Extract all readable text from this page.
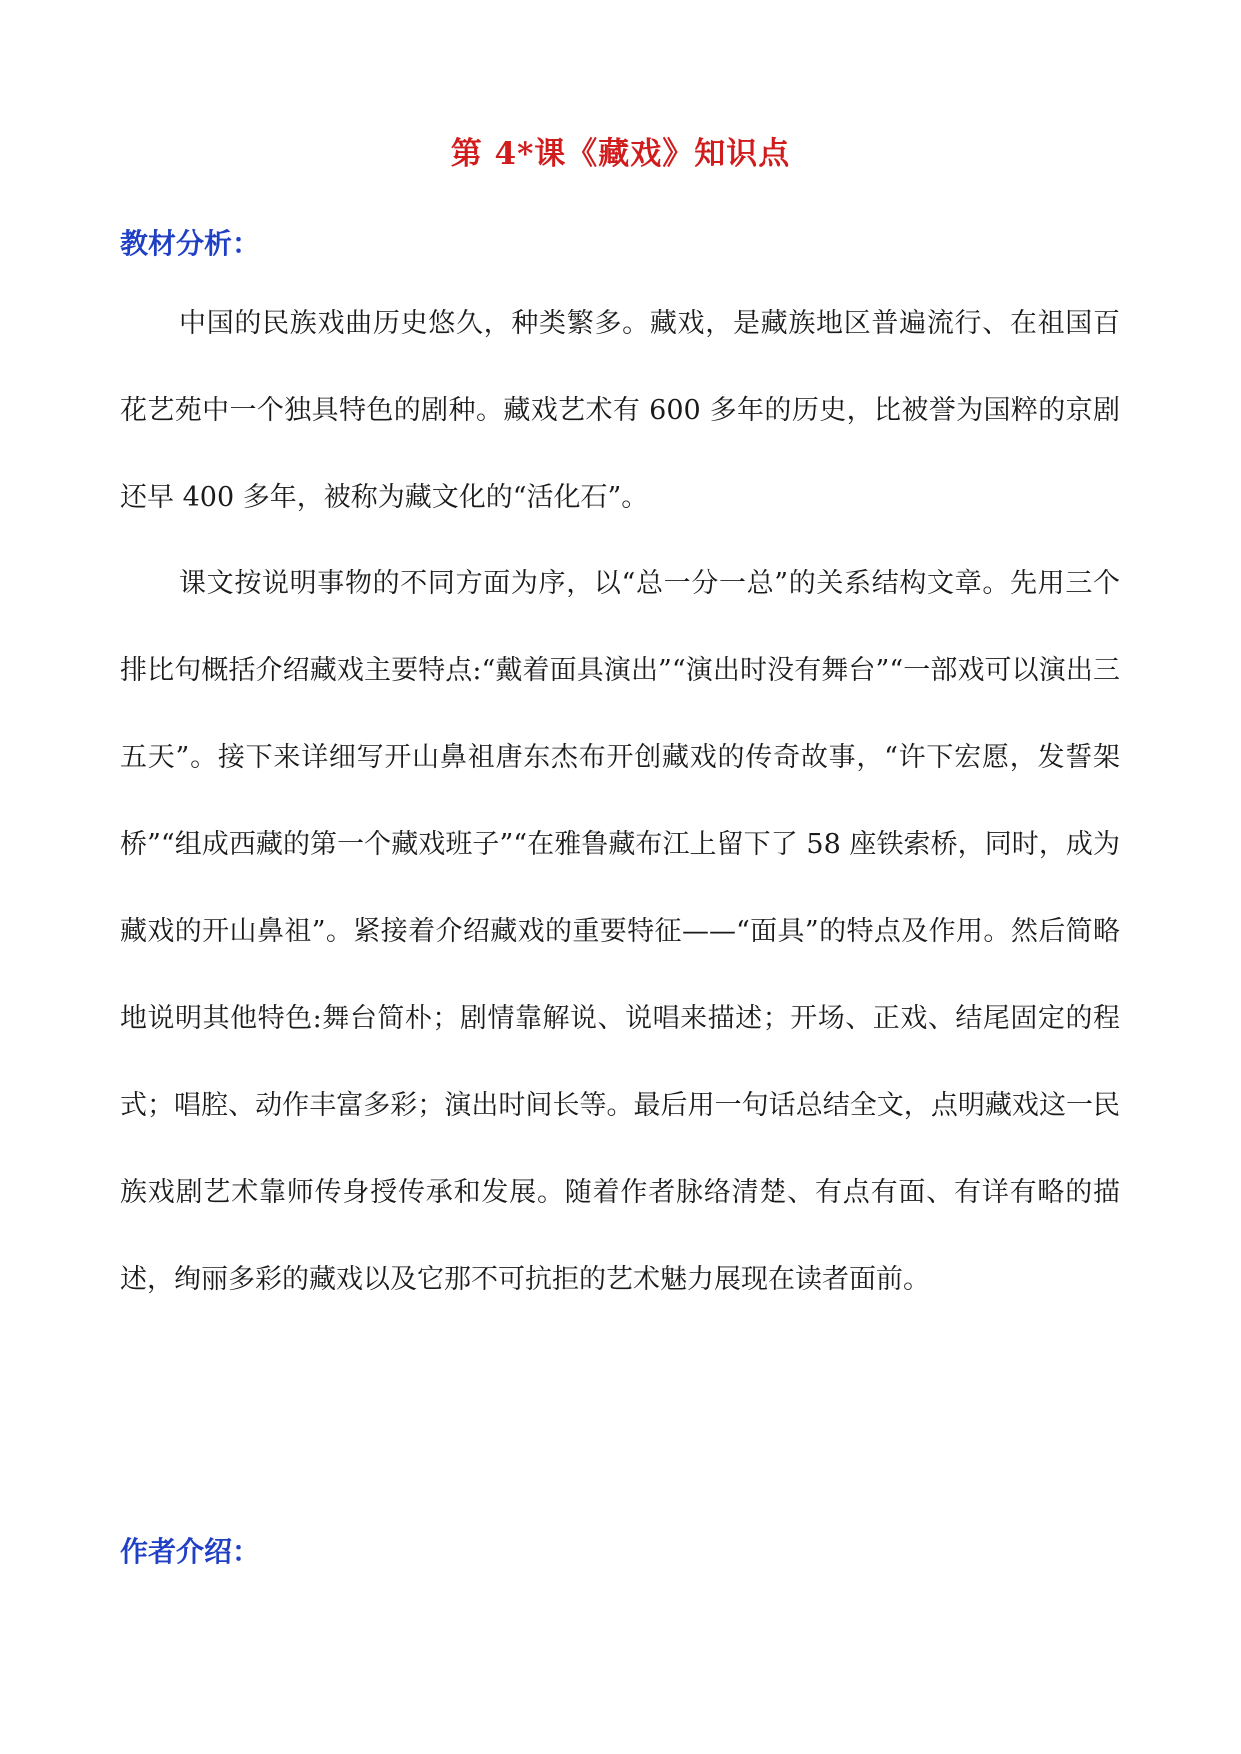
第 4*课《藏戏》知识点
教材分析：

中国的民族戏曲历史悠久，种类繁多。藏戏，是藏族地区普遍流行、在祖国百花艺苑中一个独具特色的剧种。藏戏艺术有 600 多年的历史，比被誉为国粹的京剧还早 400 多年，被称为藏文化的“活化石”。

课文按说明事物的不同方面为序，以“总一分一总”的关系结构文章。先用三个排比句概括介绍藏戏主要特点:“戴着面具演出”“演出时没有舞台”“一部戏可以演出三五天”。接下来详细写开山鼻祖唐东杰布开创藏戏的传奇故事，“许下宏愿，发誓架桥”“组成西藏的第一个藏戏班子”“在雅鲁藏布江上留下了 58 座铁索桥，同时，成为藏戏的开山鼻祖”。紧接着介绍藏戏的重要特征——“面具”的特点及作用。然后简略地说明其他特色:舞台简朴；剧情靠解说、说唱来描述；开场、正戏、结尾固定的程式；唱腔、动作丰富多彩；演出时间长等。最后用一句话总结全文，点明藏戏这一民族戏剧艺术靠师传身授传承和发展。随着作者脉络清楚、有点有面、有详有略的描述，绚丽多彩的藏戏以及它那不可抗拒的艺术魅力展现在读者面前。

作者介绍：
